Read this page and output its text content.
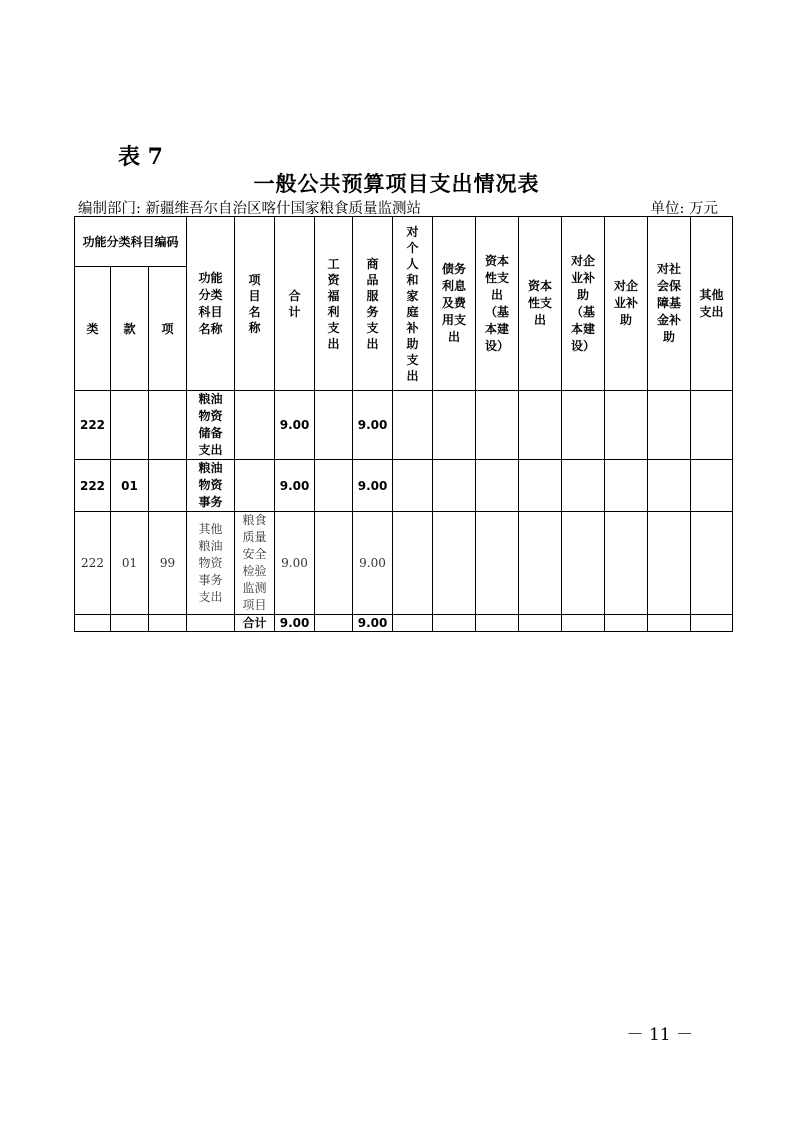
表 7
一般公共预算项目支出情况表
编制部门: 新疆维吾尔自治区喀什国家粮食质量监测站	单位: 万元
功能分类科目编码			功能分类科目名称	项目名称	合计	工资福利支出	商品服务支出	对个人和家庭补助支出	债务利息及费用支出	资本性支出（基本建设）	资本性支出	对企业补助（基本建设）	对企业补助	对社会保障基金补助	其他支出
类	款	项													
222			粮油物资储备支出		9.00		9.00								
222	01		粮油物资事务		9.00		9.00								
222	01	99	其他粮油物资事务支出	粮食质量安全检验监测项目	9.00		9.00								
				合计	9.00		9.00								
－ 11 －
